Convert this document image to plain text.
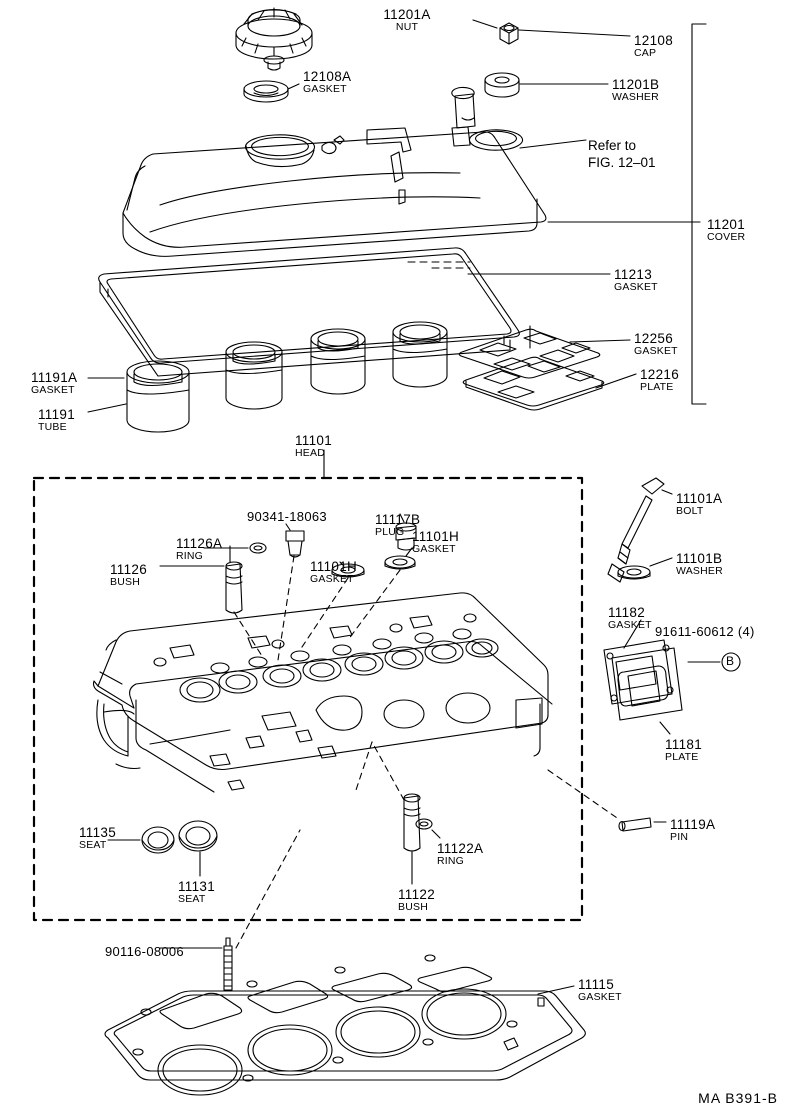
11201A
NUT
12108
CAP
12108A
GASKET	11201B
WASHER
Refer to
FIG. 12–01
11201
COVER
11213
GASKET
12256
GASKET
12216
PLATE
11191A
GASKET
11191
TUBE
11101
HEAD
11117B
PLUG
11101A
BOLT
90341-18063
11101H
GASKET
11126A
RING
11126
BUSH
11101H
GASKET
11101B
WASHER
11182
GASKET 91611-60612 (4)
11181
PLATE
11119A
PIN
11135
SEAT	11122A
RING
11131
SEAT	11122
BUSH
90116-08006
11115
GASKET
B
MA B391-B
